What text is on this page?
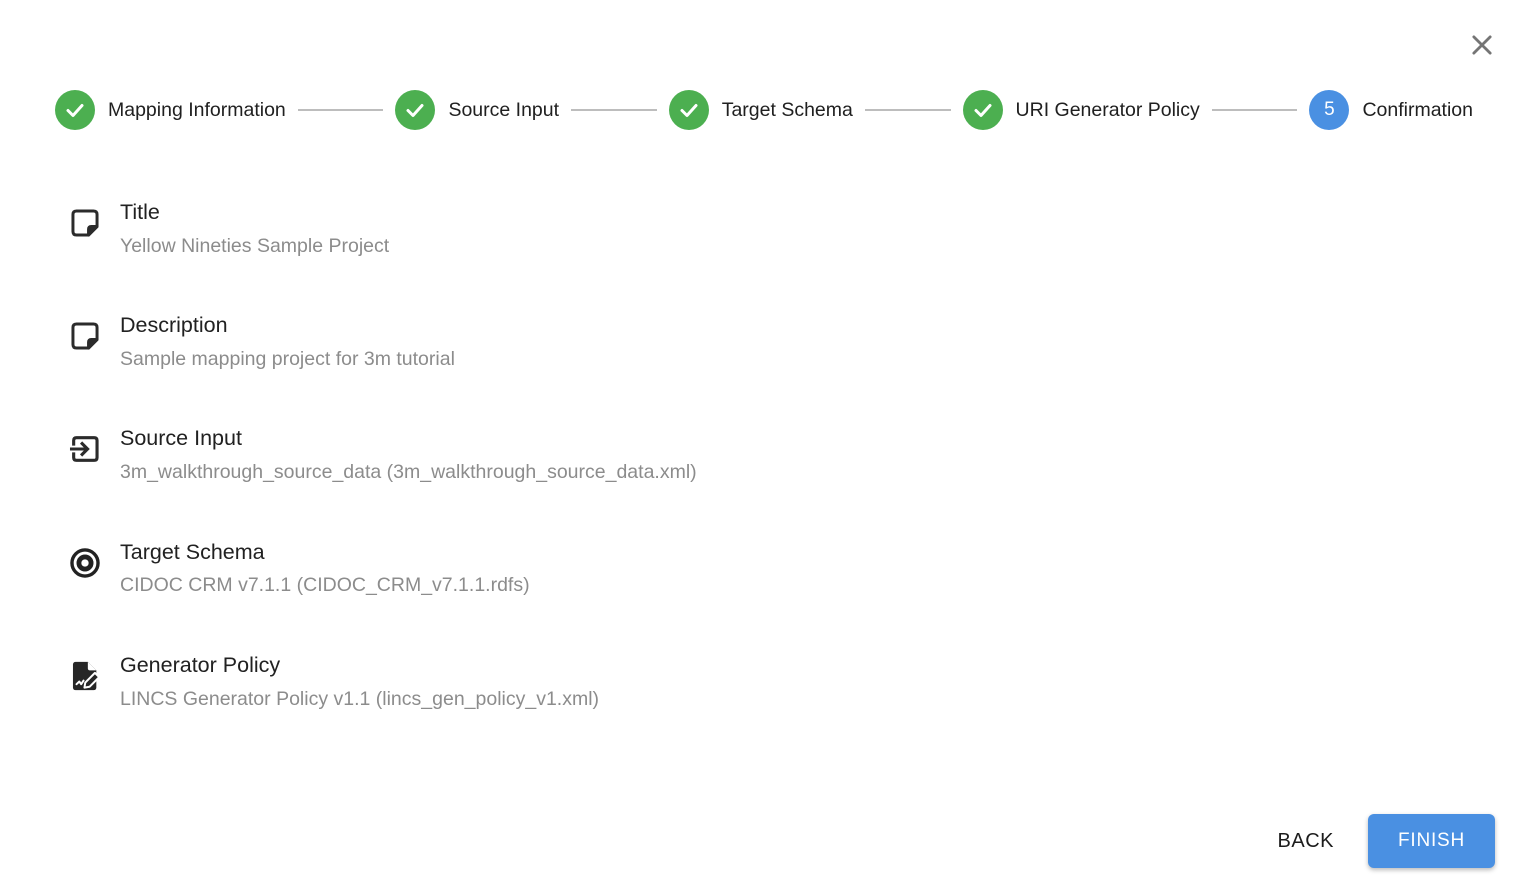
Mapping Information	Source Input	Target Schema	URI Generator Policy	5 Confirmation
Title
Yellow Nineties Sample Project
Description
Sample mapping project for 3m tutorial
Source Input
3m_walkthrough_source_data (3m_walkthrough_source_data.xml)
Target Schema
CIDOC CRM v7.1.1 (CIDOC_CRM_v7.1.1.rdfs)
Generator Policy
LINCS Generator Policy v1.1 (lincs_gen_policy_v1.xml)
BACK	FINISH
